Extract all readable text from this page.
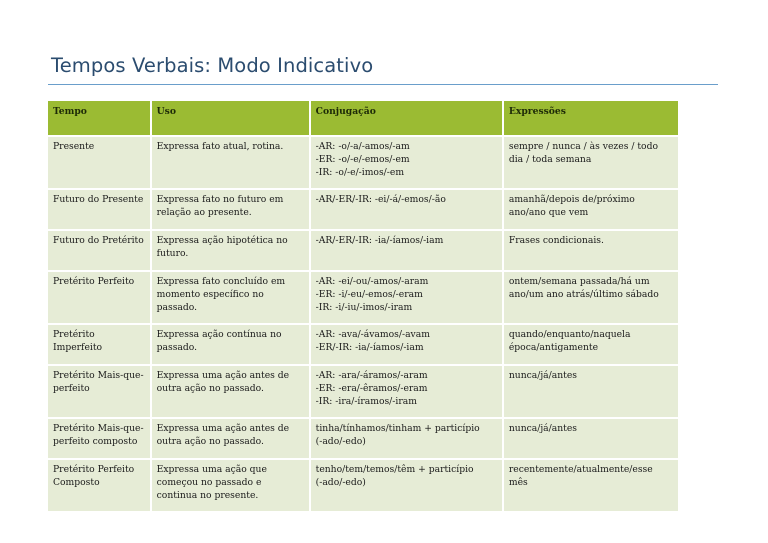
Tempos Verbais: Modo Indicativo
Tempo	Uso	Conjugação	Expressões

Presente	Expressa fato atual, rotina.	-AR: -o/-a/-amos/-am
-ER: -o/-e/-emos/-em
-IR: -o/-e/-imos/-em	sempre / nunca / às vezes / todo
dia / toda semana

Futuro do Presente	Expressa fato no futuro em
relação ao presente.	-AR/-ER/-IR: -ei/-á/-emos/-ão	amanhã/depois de/próximo
ano/ano que vem

Futuro do Pretérito	Expressa ação hipotética no
futuro.	-AR/-ER/-IR: -ia/-íamos/-iam	Frases condicionais.

Pretérito Perfeito	Expressa fato concluído em
momento específico no
passado.	-AR: -ei/-ou/-amos/-aram
-ER: -i/-eu/-emos/-eram
-IR: -i/-iu/-imos/-iram	ontem/semana passada/há um
ano/um ano atrás/último sábado

Pretérito
Imperfeito	Expressa ação contínua no
passado.	-AR: -ava/-ávamos/-avam
-ER/-IR: -ia/-íamos/-iam	quando/enquanto/naquela
época/antigamente

Pretérito Mais-que-
perfeito	Expressa uma ação antes de
outra ação no passado.	-AR: -ara/-áramos/-aram
-ER: -era/-êramos/-eram
-IR: -ira/-íramos/-iram	nunca/já/antes

Pretérito Mais-que-
perfeito composto	Expressa uma ação antes de
outra ação no passado.	tinha/tínhamos/tinham + particípio
(-ado/-edo)	nunca/já/antes

Pretérito Perfeito
Composto	Expressa uma ação que
começou no passado e
continua no presente.	tenho/tem/temos/têm + particípio
(-ado/-edo)	recentemente/atualmente/esse
mês
